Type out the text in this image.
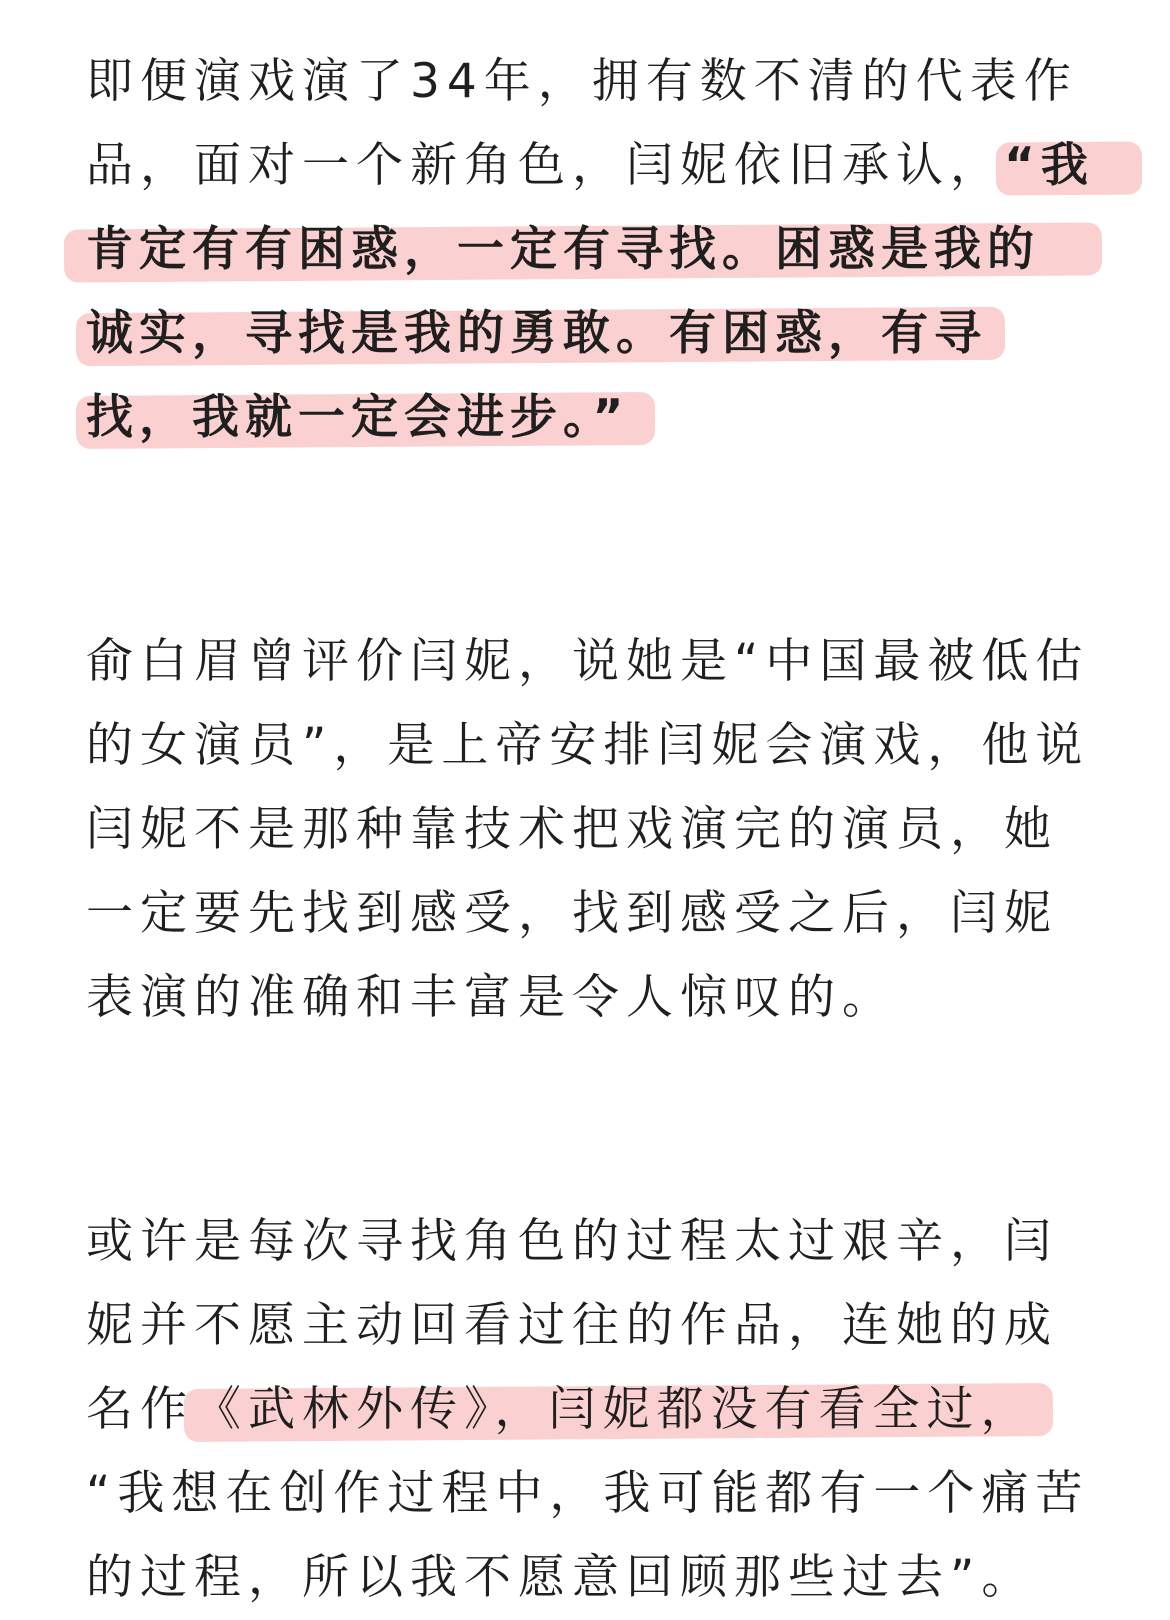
即便演戏演了34年，拥有数不清的代表作
品，面对一个新角色，闫妮依旧承认，“我
肯定有有困惑，一定有寻找。困惑是我的
诚实，寻找是我的勇敢。有困惑，有寻
找，我就一定会进步。”
俞白眉曾评价闫妮，说她是“中国最被低估
的女演员”，是上帝安排闫妮会演戏，他说
闫妮不是那种靠技术把戏演完的演员，她
一定要先找到感受，找到感受之后，闫妮
表演的准确和丰富是令人惊叹的。
或许是每次寻找角色的过程太过艰辛，闫
妮并不愿主动回看过往的作品，连她的成
名作《武林外传》，闫妮都没有看全过，
“我想在创作过程中，我可能都有一个痛苦
的过程，所以我不愿意回顾那些过去”。
